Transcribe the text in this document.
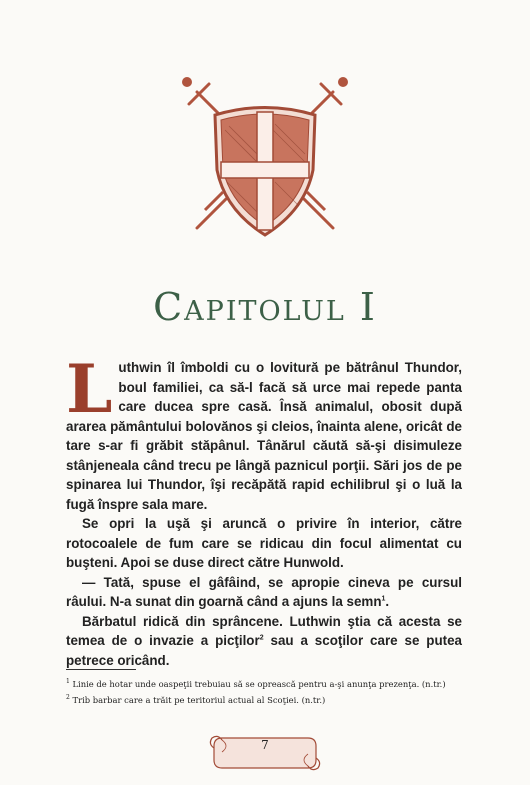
Capitolul I

Luthwin îl îmboldi cu o lovitură pe bătrânul Thundor, boul familiei, ca să-l facă să urce mai repede panta care ducea spre casă. Însă animalul, obosit după ararea pământului bolovănos şi cleios, înainta alene, oricât de tare s-ar fi grăbit stăpânul. Tânărul căută să-şi disimuleze stânjeneala când trecu pe lângă paznicul porţii. Sări jos de pe spinarea lui Thundor, îşi recăpătă rapid echilibrul şi o luă la fugă înspre sala mare.

Se opri la uşă şi aruncă o privire în interior, către rotocoalele de fum care se ridicau din focul alimentat cu buşteni. Apoi se duse direct către Hunwold.

— Tată, spuse el gâfâind, se apropie cineva pe cursul râului. N-a sunat din goarnă când a ajuns la semn$^1$.

Bărbatul ridică din sprâncene. Luthwin ştia că acesta se temea de o invazie a picţilor$^2$ sau a scoţilor care se putea petrece oricând.

$^1$ Linie de hotar unde oaspeţii trebuiau să se oprească pentru a-şi anunţa prezenţa. (n.tr.)
$^2$ Trib barbar care a trăit pe teritoriul actual al Scoţiei. (n.tr.)
7
